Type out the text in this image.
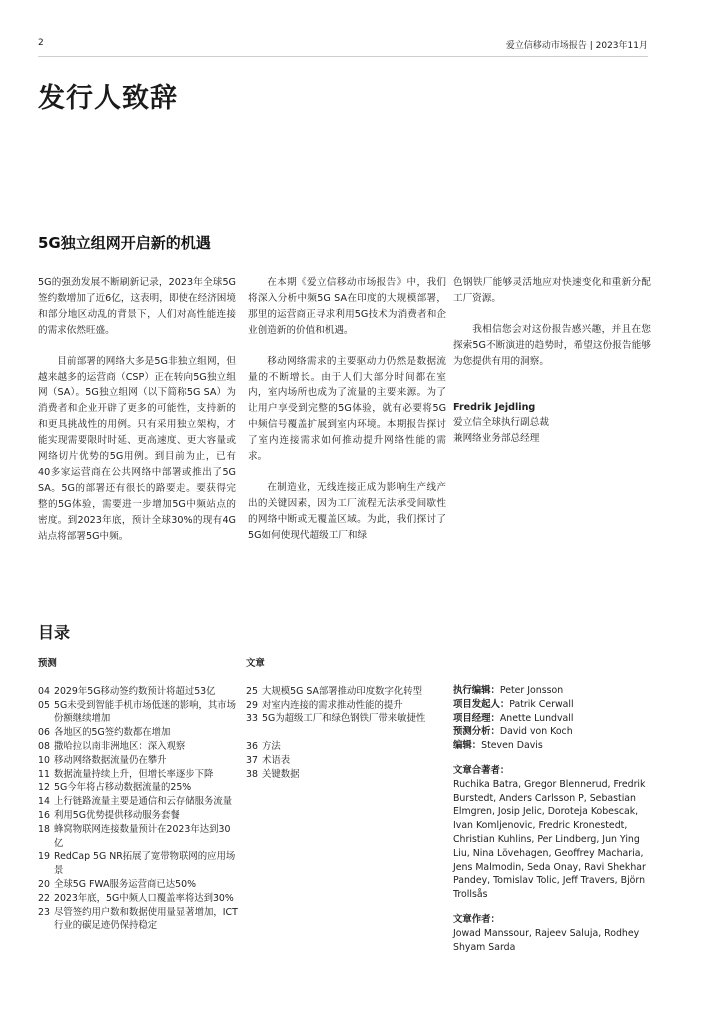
2	爱立信移动市场报告 | 2023年11月
发行人致辞
5G独立组网开启新的机遇

5G的强劲发展不断刷新记录，2023年全球5G签约数增加了近6亿，这表明，即使在经济困境和部分地区动乱的背景下，人们对高性能连接的需求依然旺盛。

目前部署的网络大多是5G非独立组网，但越来越多的运营商（CSP）正在转向5G独立组网（SA）。5G独立组网（以下简称5G SA）为消费者和企业开辟了更多的可能性，支持新的和更具挑战性的用例。只有采用独立架构，才能实现需要限时时延、更高速度、更大容量或网络切片优势的5G用例。到目前为止，已有40多家运营商在公共网络中部署或推出了5G SA。5G的部署还有很长的路要走。要获得完整的5G体验，需要进一步增加5G中频站点的密度。到2023年底，预计全球30%的现有4G站点将部署5G中频。

在本期《爱立信移动市场报告》中，我们将深入分析中频5G SA在印度的大规模部署，那里的运营商正寻求利用5G技术为消费者和企业创造新的价值和机遇。

移动网络需求的主要驱动力仍然是数据流量的不断增长。由于人们大部分时间都在室内，室内场所也成为了流量的主要来源。为了让用户享受到完整的5G体验，就有必要将5G中频信号覆盖扩展到室内环境。本期报告探讨了室内连接需求如何推动提升网络性能的需求。

在制造业，无线连接正成为影响生产线产出的关键因素，因为工厂流程无法承受间歇性的网络中断或无覆盖区域。为此，我们探讨了5G如何使现代超级工厂和绿

色钢铁厂能够灵活地应对快速变化和重新分配工厂资源。

我相信您会对这份报告感兴趣，并且在您探索5G不断演进的趋势时，希望这份报告能够为您提供有用的洞察。

Fredrik Jejdling
爱立信全球执行副总裁
兼网络业务部总经理
目录
预测
04 2029年5G移动签约数预计将超过53亿
05 5G未受到智能手机市场低迷的影响，其市场份额继续增加
06 各地区的5G签约数都在增加
08 撒哈拉以南非洲地区：深入观察
10 移动网络数据流量仍在攀升
11 数据流量持续上升，但增长率逐步下降
12 5G今年将占移动数据流量的25%
14 上行链路流量主要是通信和云存储服务流量
16 利用5G优势提供移动服务套餐
18 蜂窝物联网连接数量预计在2023年达到30亿
19 RedCap 5G NR拓展了宽带物联网的应用场景
20 全球5G FWA服务运营商已达50%
22 2023年底，5G中频人口覆盖率将达到30%
23 尽管签约用户数和数据使用量显著增加，ICT行业的碳足迹仍保持稳定
文章
25 大规模5G SA部署推动印度数字化转型
29 对室内连接的需求推动性能的提升
33 5G为超级工厂和绿色钢铁厂带来敏捷性
36 方法
37 术语表
38 关键数据
执行编辑：Peter Jonsson
项目发起人：Patrik Cerwall
项目经理：Anette Lundvall
预测分析：David von Koch
编辑：Steven Davis
文章合著者：
Ruchika Batra, Gregor Blennerud, Fredrik Burstedt, Anders Carlsson P, Sebastian Elmgren, Josip Jelic, Doroteja Kobescak, Ivan Komljenovic, Fredric Kronestedt, Christian Kuhlins, Per Lindberg, Jun Ying Liu, Nina Lövehagen, Geoffrey Macharia, Jens Malmodin, Seda Onay, Ravi Shekhar Pandey, Tomislav Tolic, Jeff Travers, Björn Trollsås
文章作者：
Jowad Manssour, Rajeev Saluja, Rodhey Shyam Sarda
